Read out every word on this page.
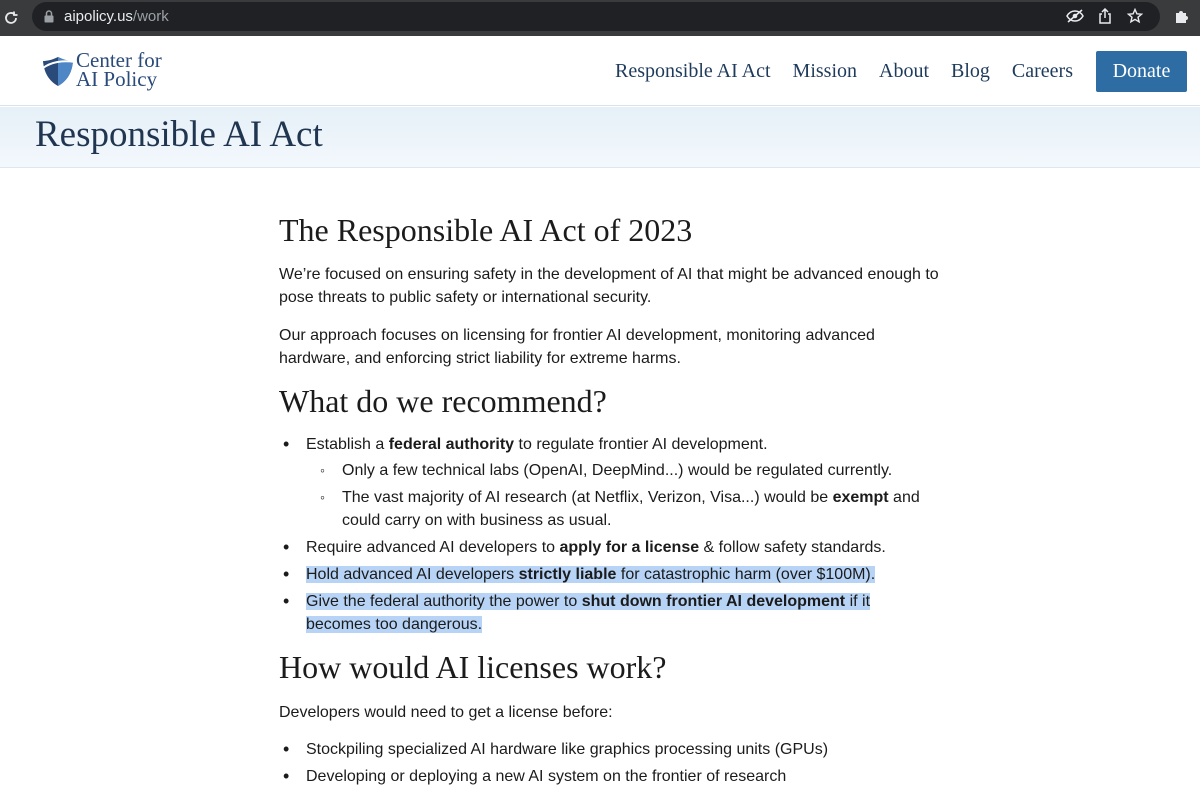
aipolicy.us/work
Center for
AI Policy	Responsible AI Act Mission About Blog Careers	Donate
Responsible AI Act
The Responsible AI Act of 2023

We’re focused on ensuring safety in the development of AI that might be advanced enough to pose threats to public safety or international security.

Our approach focuses on licensing for frontier AI development, monitoring advanced hardware, and enforcing strict liability for extreme harms.

What do we recommend?
• Establish a federal authority to regulate frontier AI development.
◦ Only a few technical labs (OpenAI, DeepMind...) would be regulated currently.
◦ The vast majority of AI research (at Netflix, Verizon, Visa...) would be exempt and could carry on with business as usual.
• Require advanced AI developers to apply for a license & follow safety standards.
• Hold advanced AI developers strictly liable for catastrophic harm (over $100M).
• Give the federal authority the power to shut down frontier AI development if it becomes too dangerous.
How would AI licenses work?

Developers would need to get a license before:

• Stockpiling specialized AI hardware like graphics processing units (GPUs)
• Developing or deploying a new AI system on the frontier of research
